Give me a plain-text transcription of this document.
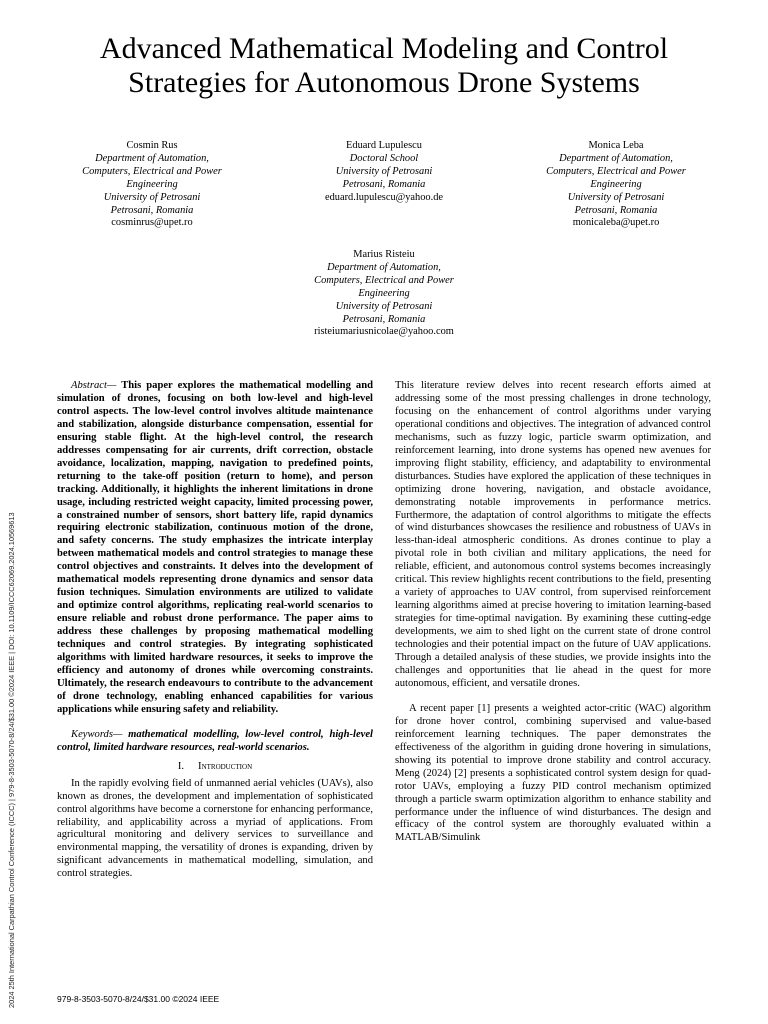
Advanced Mathematical Modeling and Control Strategies for Autonomous Drone Systems
Cosmin Rus
Department of Automation,
Computers, Electrical and Power
Engineering
University of Petrosani
Petrosani, Romania
cosminrus@upet.ro
Eduard Lupulescu
Doctoral School
University of Petrosani
Petrosani, Romania
eduard.lupulescu@yahoo.de
Monica Leba
Department of Automation,
Computers, Electrical and Power
Engineering
University of Petrosani
Petrosani, Romania
monicaleba@upet.ro
Marius Risteiu
Department of Automation,
Computers, Electrical and Power
Engineering
University of Petrosani
Petrosani, Romania
risteiumariusnicolae@yahoo.com
2024 25th International Carpathian Control Conference (ICCC) | 979-8-3503-5070-8/24/$31.00 ©2024 IEEE | DOI: 10.1109/ICCC62069.2024.10569613

Abstract— This paper explores the mathematical modelling and simulation of drones, focusing on both low-level and high-level control aspects. The low-level control involves altitude maintenance and stabilization, alongside disturbance compensation, essential for ensuring stable flight. At the high-level control, the research addresses compensating for air currents, drift correction, obstacle avoidance, localization, mapping, navigation to predefined points, returning to the take-off position (return to home), and person tracking. Additionally, it highlights the inherent limitations in drone usage, including restricted weight capacity, limited processing power, a constrained number of sensors, short battery life, rapid dynamics requiring electronic stabilization, continuous motion of the drone, and safety concerns. The study emphasizes the intricate interplay between mathematical models and control strategies to manage these control objectives and constraints. It delves into the development of mathematical models representing drone dynamics and sensor data fusion techniques. Simulation environments are utilized to validate and optimize control algorithms, replicating real-world scenarios to ensure reliable and robust drone performance. The paper aims to address these challenges by proposing mathematical modelling techniques and control strategies. By integrating sophisticated algorithms with limited hardware resources, it seeks to improve the efficiency and autonomy of drones while overcoming constraints. Ultimately, the research endeavours to contribute to the advancement of drone technology, enabling enhanced capabilities for various applications while ensuring safety and reliability.

Keywords— mathematical modelling, low-level control, high-level control, limited hardware resources, real-world scenarios.

I. Introduction

In the rapidly evolving field of unmanned aerial vehicles (UAVs), also known as drones, the development and implementation of sophisticated control algorithms have become a cornerstone for enhancing performance, reliability, and applicability across a myriad of applications. From agricultural monitoring and delivery services to surveillance and environmental mapping, the versatility of drones is expanding, driven by significant advancements in mathematical modelling, simulation, and control strategies.

This literature review delves into recent research efforts aimed at addressing some of the most pressing challenges in drone technology, focusing on the enhancement of control algorithms under varying operational conditions and objectives. The integration of advanced control mechanisms, such as fuzzy logic, particle swarm optimization, and reinforcement learning, into drone systems has opened new avenues for improving flight stability, efficiency, and adaptability to environmental disturbances. Studies have explored the application of these techniques in optimizing drone hovering, navigation, and obstacle avoidance, demonstrating notable improvements in performance metrics. Furthermore, the adaptation of control algorithms to mitigate the effects of wind disturbances showcases the resilience and robustness of UAVs in less-than-ideal atmospheric conditions. As drones continue to play a pivotal role in both civilian and military applications, the need for reliable, efficient, and autonomous control systems becomes increasingly critical. This review highlights recent contributions to the field, presenting a variety of approaches to UAV control, from supervised reinforcement learning algorithms aimed at precise hovering to imitation learning-based strategies for time-optimal navigation. By examining these cutting-edge developments, we aim to shed light on the current state of drone control technologies and their potential impact on the future of UAV applications. Through a detailed analysis of these studies, we provide insights into the challenges and opportunities that lie ahead in the quest for more autonomous, efficient, and versatile drones.

A recent paper [1] presents a weighted actor-critic (WAC) algorithm for drone hover control, combining supervised and value-based reinforcement learning techniques. The paper demonstrates the effectiveness of the algorithm in guiding drone hovering in simulations, showing its potential to improve drone stability and control accuracy. Meng (2024) [2] presents a sophisticated control system design for quad-rotor UAVs, employing a fuzzy PID control mechanism optimized through a particle swarm optimization algorithm to enhance stability and performance under the influence of wind disturbances. The design and efficacy of the control system are thoroughly evaluated within a MATLAB/Simulink

979-8-3503-5070-8/24/$31.00 ©2024 IEEE
